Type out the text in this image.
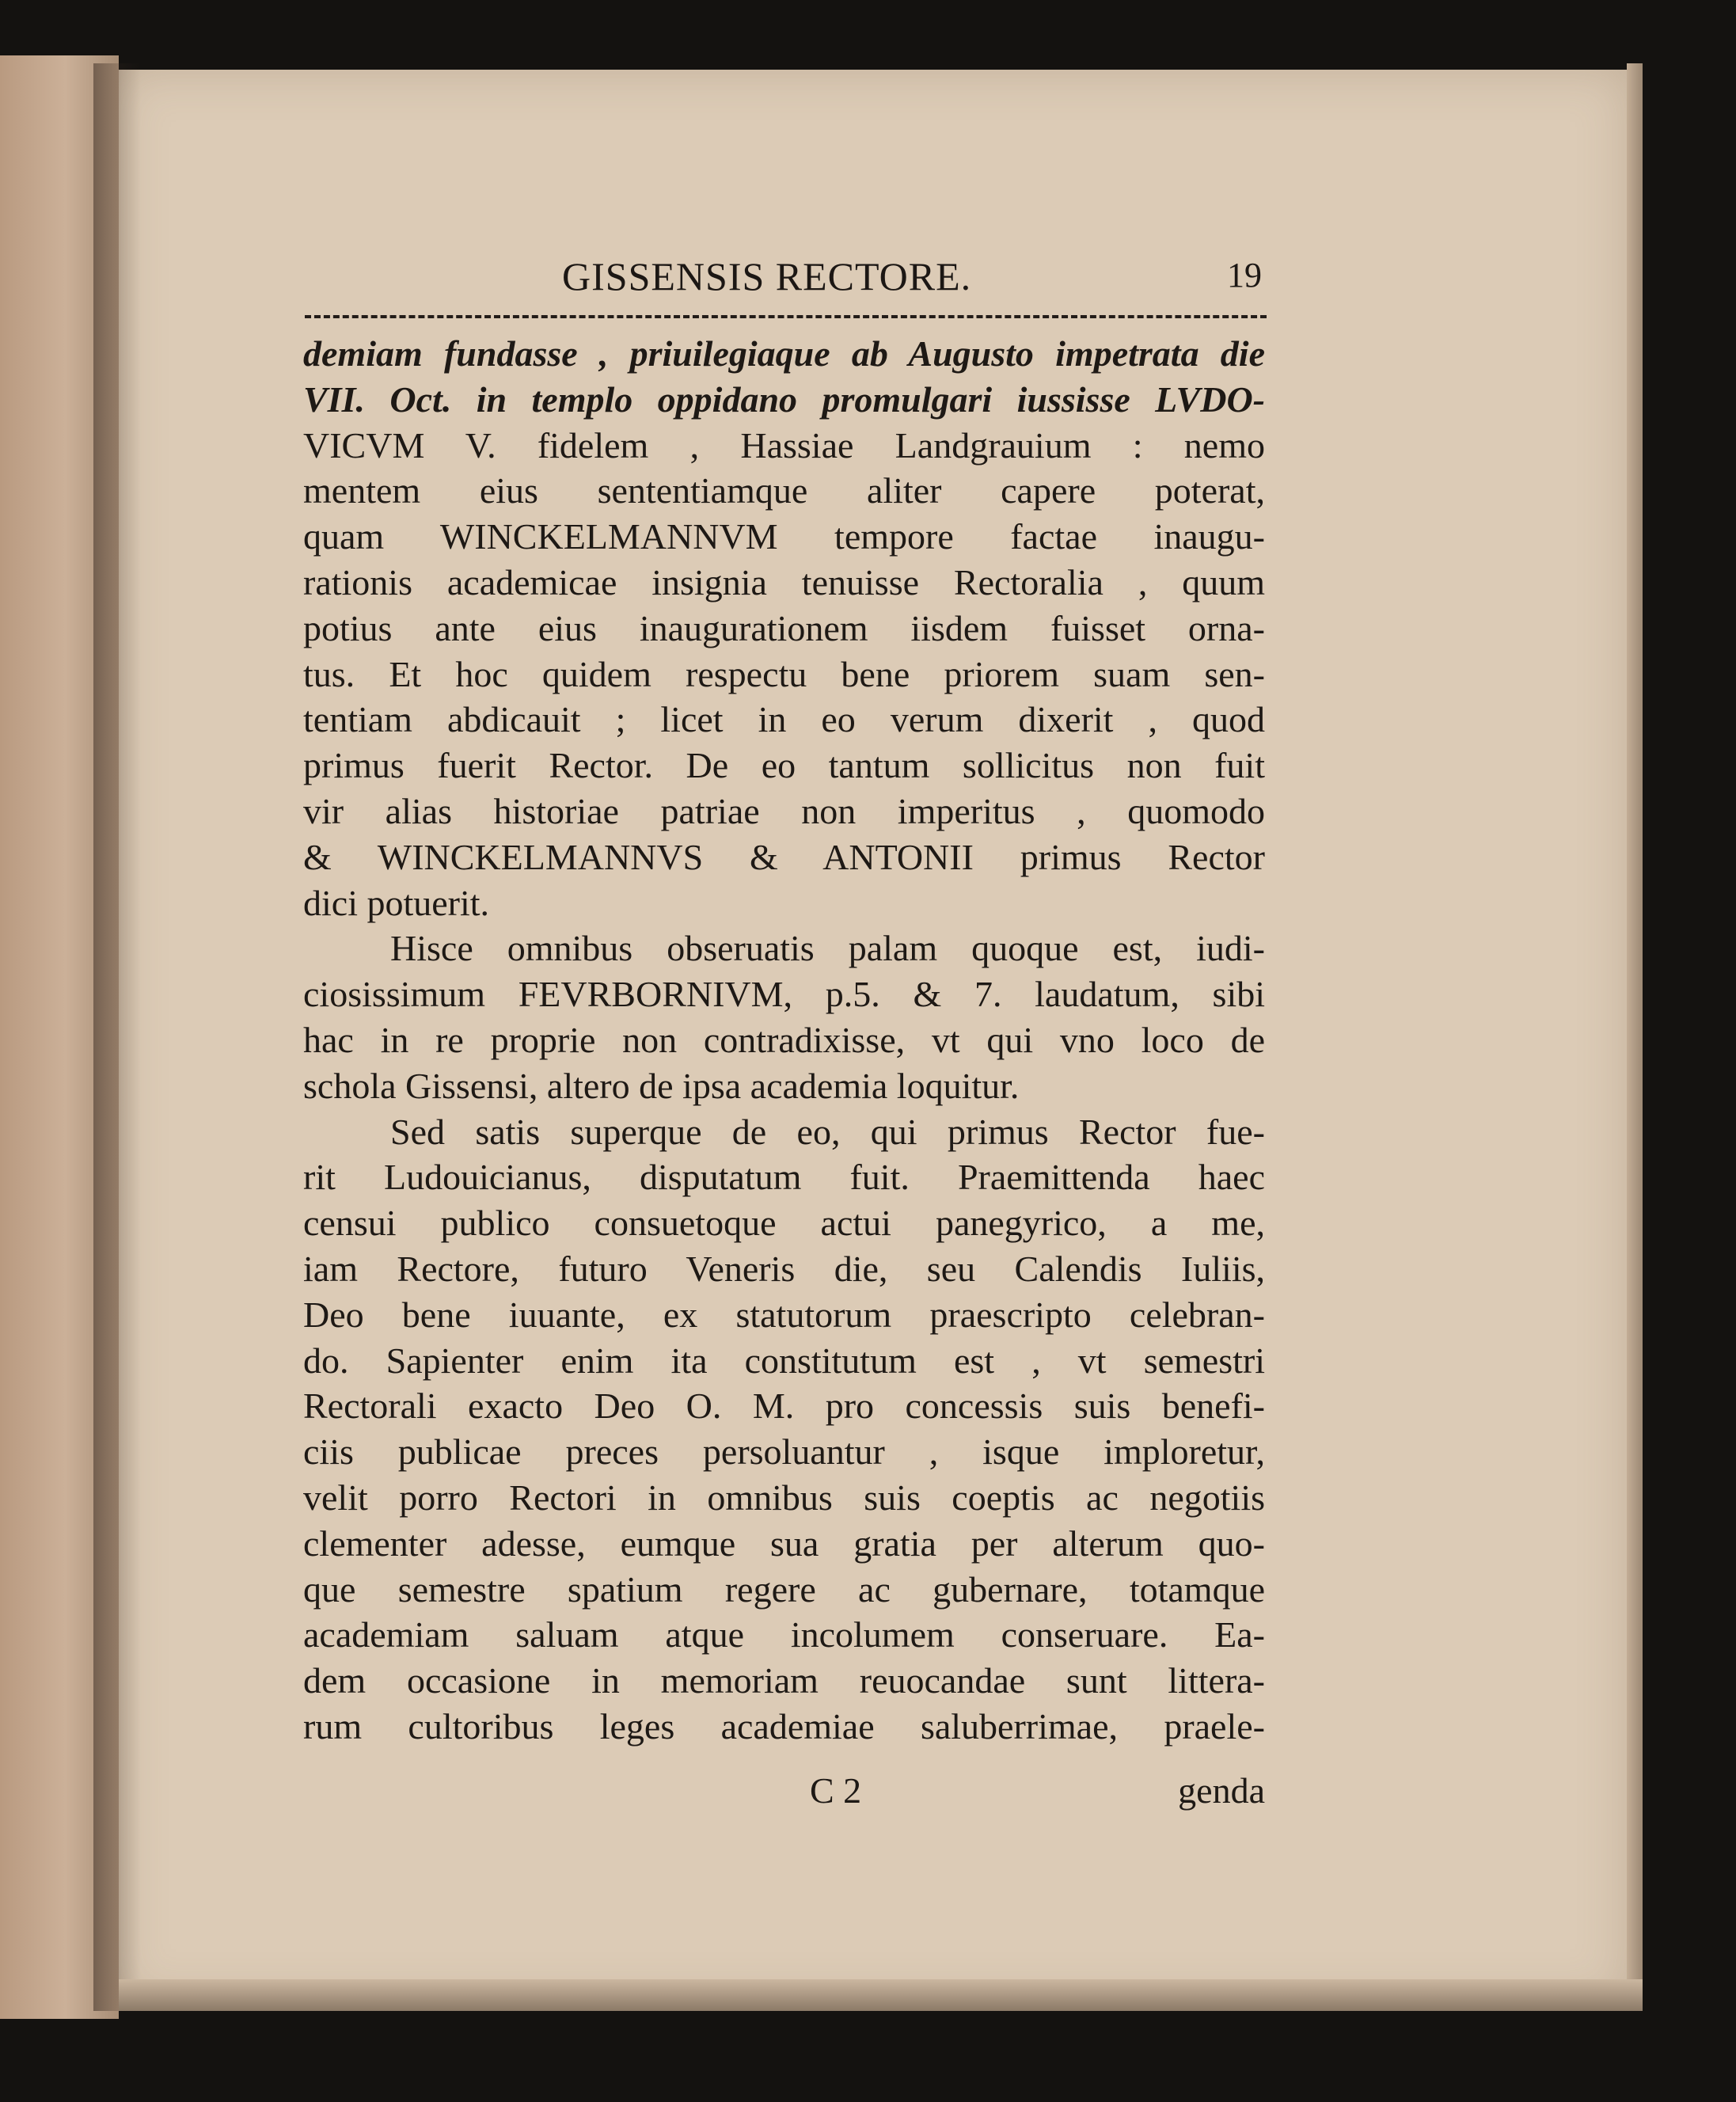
GISSENSIS RECTORE.	19
demiam fundasse , priuilegiaque ab Augusto impetrata die
VII. Oct. in templo oppidano promulgari iussisse LVDO-
VICVM V. fidelem , Hassiae Landgrauium : nemo
mentem eius sententiamque aliter capere poterat,
quam WINCKELMANNVM tempore factae inaugu-
rationis academicae insignia tenuisse Rectoralia , quum
potius ante eius inaugurationem iisdem fuisset orna-
tus. Et hoc quidem respectu bene priorem suam sen-
tentiam abdicauit ; licet in eo verum dixerit , quod
primus fuerit Rector. De eo tantum sollicitus non fuit
vir alias historiae patriae non imperitus , quomodo
& WINCKELMANNVS & ANTONII primus Rector
dici potuerit.
Hisce omnibus obseruatis palam quoque est, iudi-
ciosissimum FEVRBORNIVM, p.5. & 7. laudatum, sibi
hac in re proprie non contradixisse, vt qui vno loco de
schola Gissensi, altero de ipsa academia loquitur.
Sed satis superque de eo, qui primus Rector fue-
rit Ludouicianus, disputatum fuit. Praemittenda haec
censui publico consuetoque actui panegyrico, a me,
iam Rectore, futuro Veneris die, seu Calendis Iuliis,
Deo bene iuuante, ex statutorum praescripto celebran-
do. Sapienter enim ita constitutum est , vt semestri
Rectorali exacto Deo O. M. pro concessis suis benefi-
ciis publicae preces persoluantur , isque imploretur,
velit porro Rectori in omnibus suis coeptis ac negotiis
clementer adesse, eumque sua gratia per alterum quo-
que semestre spatium regere ac gubernare, totamque
academiam saluam atque incolumem conseruare. Ea-
dem occasione in memoriam reuocandae sunt littera-
rum cultoribus leges academiae saluberrimae, praele-
C 2	genda
